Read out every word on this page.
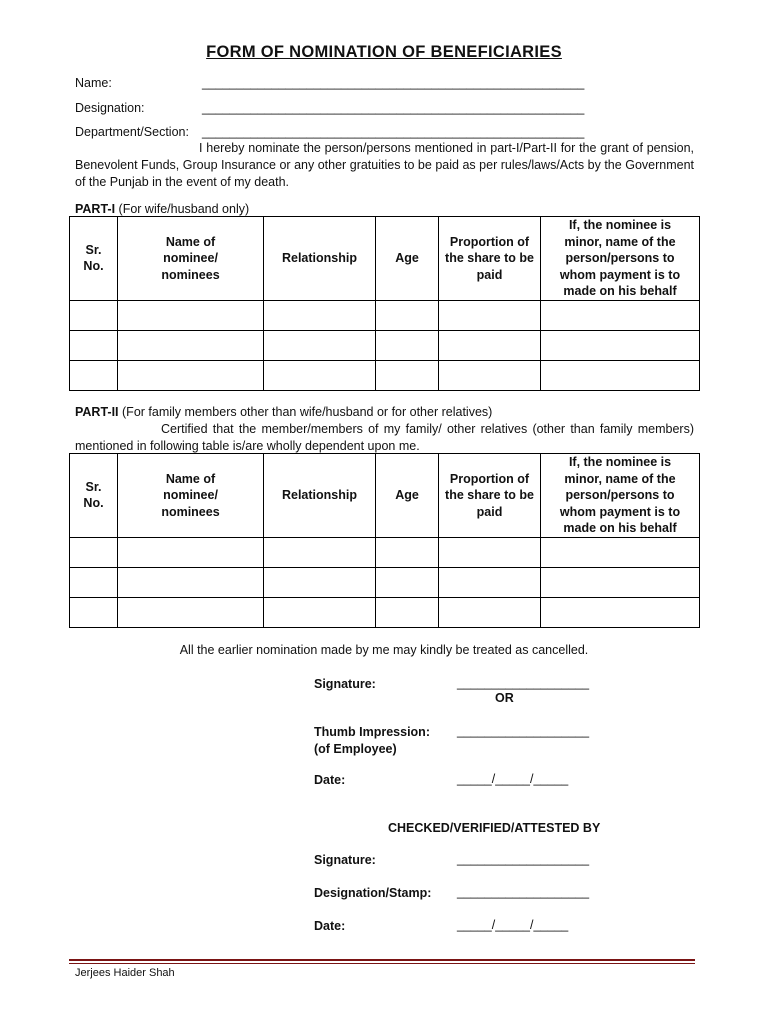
FORM OF NOMINATION OF BENEFICIARIES
Name:	_______________________________________________________
Designation:	_______________________________________________________
Department/Section: _______________________________________________________
I hereby nominate the person/persons mentioned in part-I/Part-II for the grant of pension, Benevolent Funds, Group Insurance or any other gratuities to be paid as per rules/laws/Acts by the Government of the Punjab in the event of my death.
PART-I (For wife/husband only)
Sr. No.	Name of nominee/ nominees	Relationship	Age	Proportion of the share to be paid	If, the nominee is minor, name of the person/persons to whom payment is to made on his behalf

PART-II (For family members other than wife/husband or for other relatives)
Certified that the member/members of my family/ other relatives (other than family members) mentioned in following table is/are wholly dependent upon me.
Sr. No.	Name of nominee/ nominees	Relationship	Age	Proportion of the share to be paid	If, the nominee is minor, name of the person/persons to whom payment is to made on his behalf

All the earlier nomination made by me may kindly be treated as cancelled.
Signature:	___________________
OR
Thumb Impression:
(of Employee)
___________________
Date:	_____/_____/_____
CHECKED/VERIFIED/ATTESTED BY
Signature:	___________________
Designation/Stamp: ___________________
Date:	_____/_____/_____
Jerjees Haider Shah
